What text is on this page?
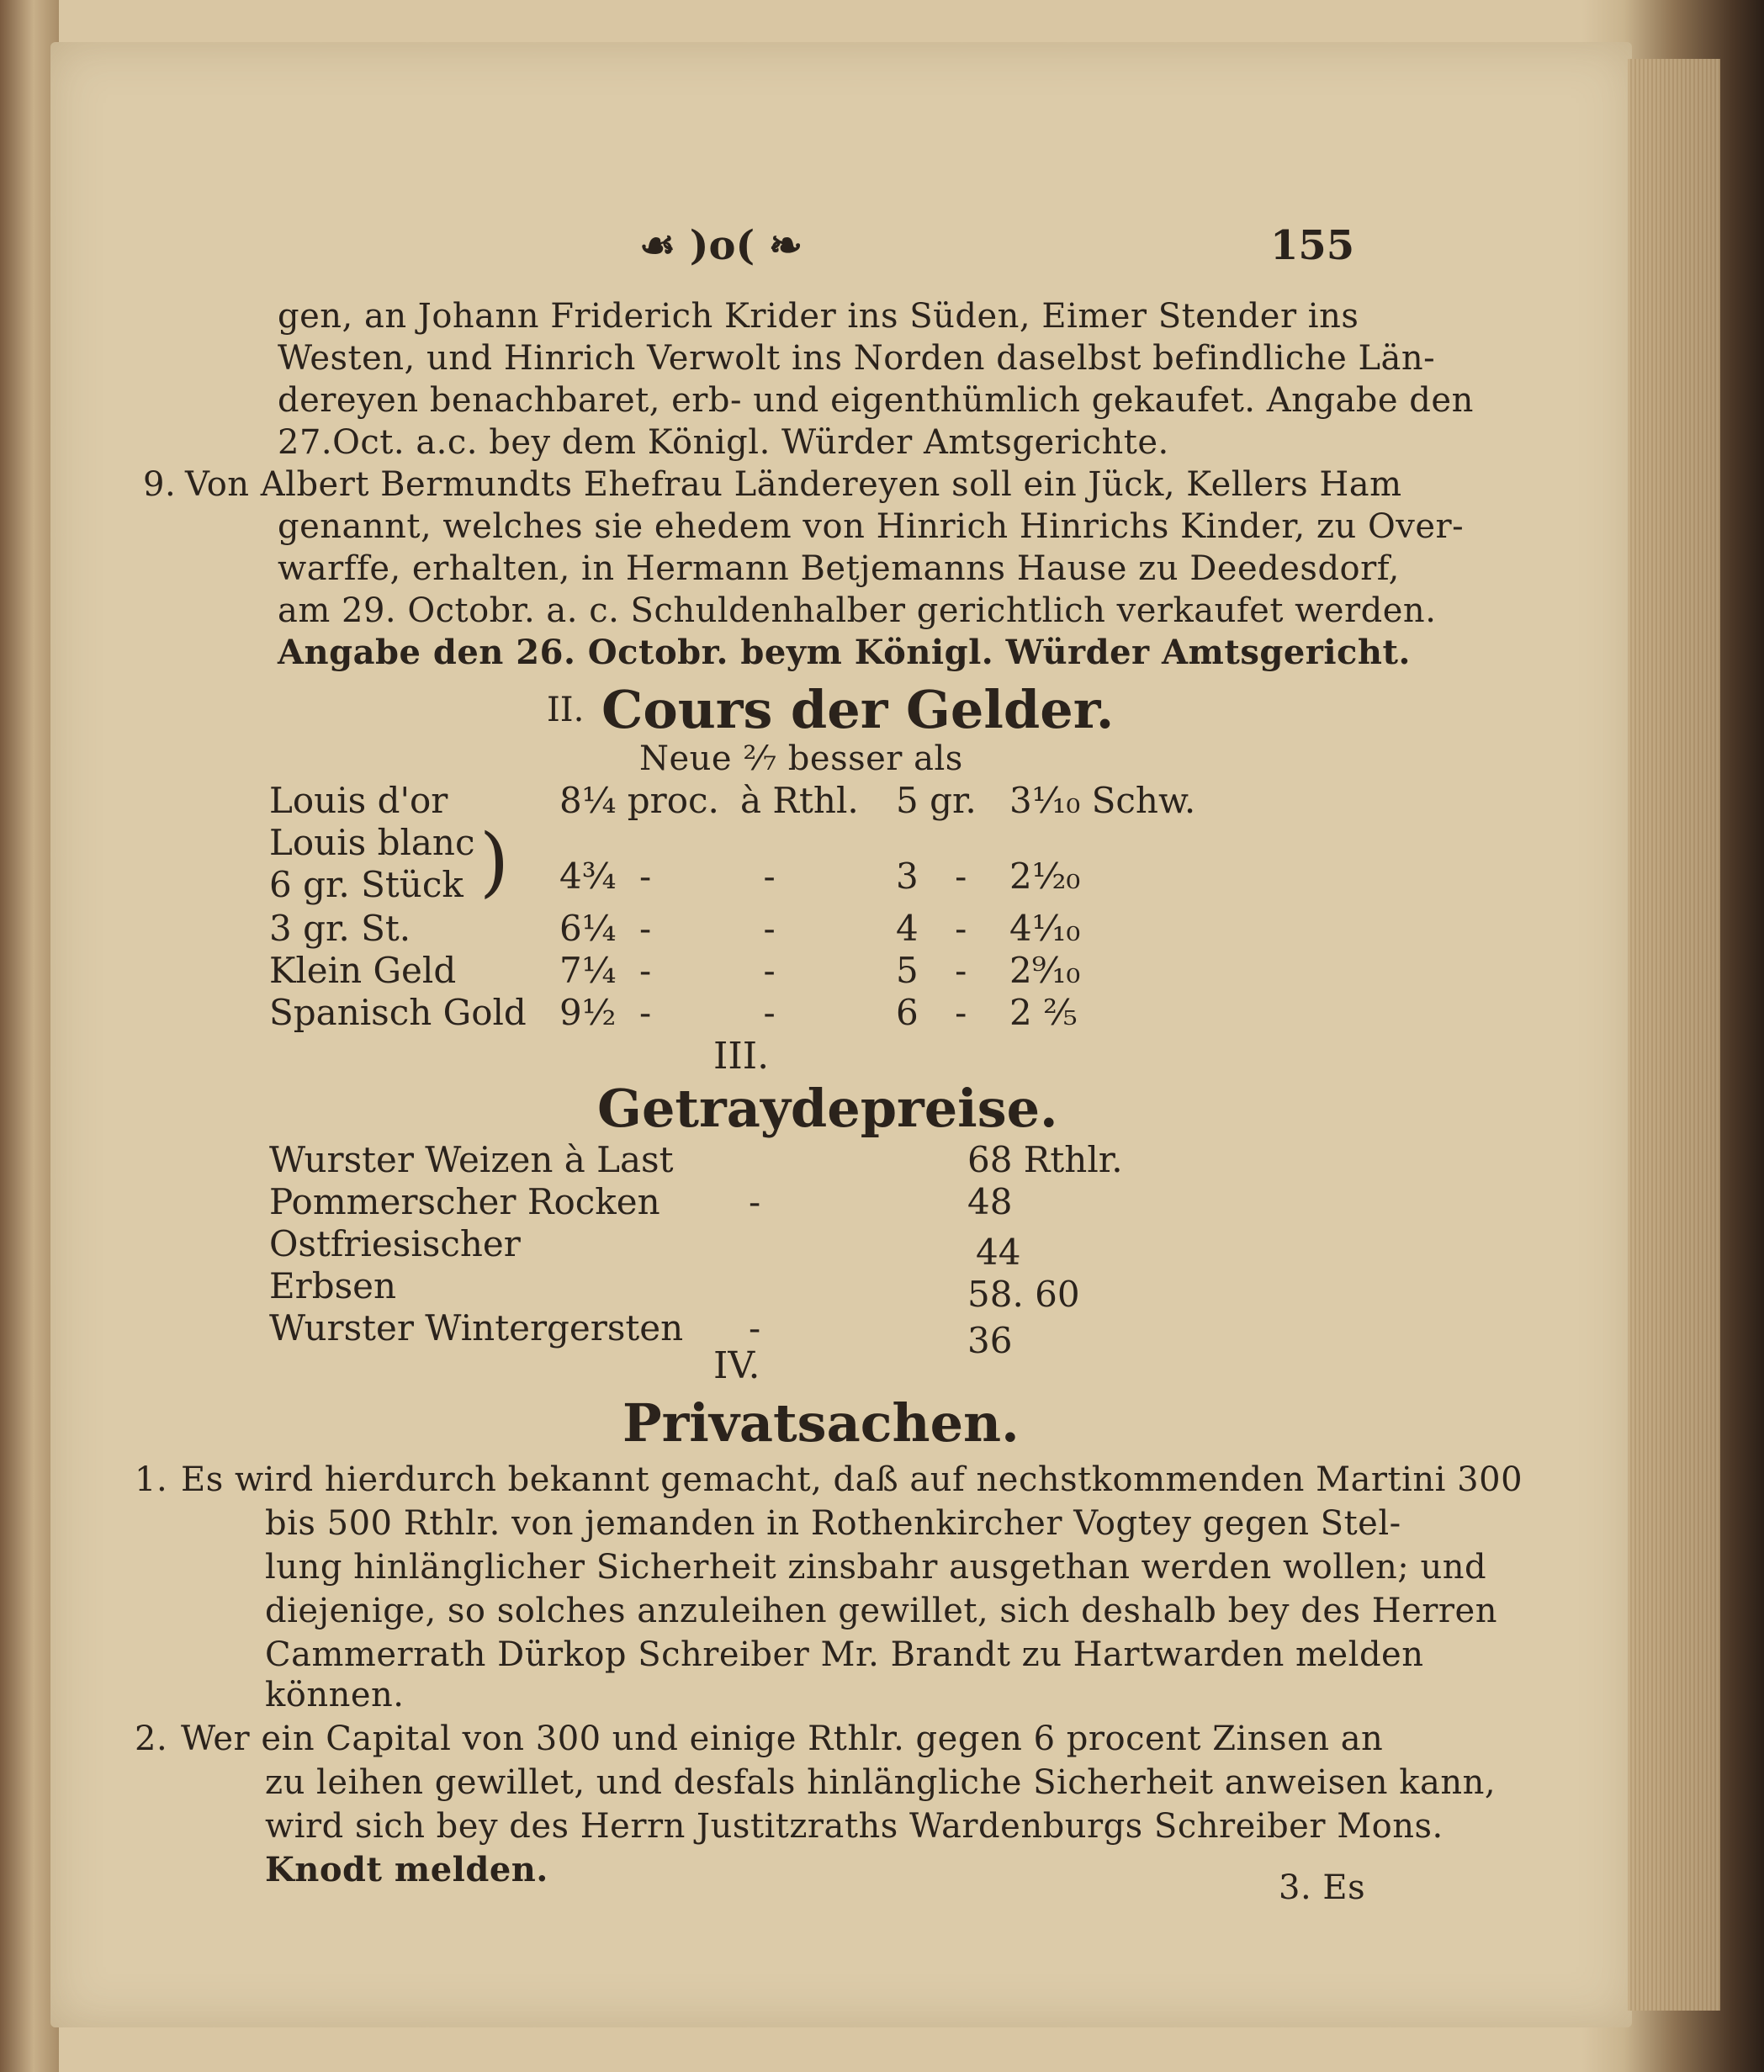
☙ )o( ❧	155
gen, an Johann Friderich Krider ins Süden, Eimer Stender ins
Westen, und Hinrich Verwolt ins Norden daselbst befindliche Län-
dereyen benachbaret, erb- und eigenthümlich gekaufet. Angabe den
27.Oct. a.c. bey dem Königl. Würder Amtsgerichte.
9. Von Albert Bermundts Ehefrau Ländereyen soll ein Jück, Kellers Ham
genannt, welches sie ehedem von Hinrich Hinrichs Kinder, zu Over-
warffe, erhalten, in Hermann Betjemanns Hause zu Deedesdorf,
am 29. Octobr. a. c. Schuldenhalber gerichtlich verkaufet werden.
Angabe den 26. Octobr. beym Königl. Würder Amtsgericht.
II. Cours der Gelder.
Neue ²⁄₇ besser als
Louis d'or	8¼ proc. à Rthl. 5 gr. 3¹⁄₁₀ Schw.
Louis blanc
6 gr. Stück ) 4¾ - -	3 - 2¹⁄₂₀
3 gr. St.	6¼ - -	4 - 4¹⁄₁₀
Klein Geld	7¼ - -	5 - 2⁹⁄₁₀
Spanisch Gold 9½ - -	6 - 2 ²⁄₅
III.
Getraydepreise.
Wurster Weizen à Last	68 Rthlr.
Pommerscher Rocken	-	48
Ostfriesischer	44
Erbsen	58. 60
Wurster Wintergersten -	36
IV.
Privatsachen.
1. Es wird hierdurch bekannt gemacht, daß auf nechstkommenden Martini 300
bis 500 Rthlr. von jemanden in Rothenkircher Vogtey gegen Stel-
lung hinlänglicher Sicherheit zinsbahr ausgethan werden wollen; und
diejenige, so solches anzuleihen gewillet, sich deshalb bey des Herren
Cammerrath Dürkop Schreiber Mr. Brandt zu Hartwarden melden
können.
2. Wer ein Capital von 300 und einige Rthlr. gegen 6 procent Zinsen an
zu leihen gewillet, und desfals hinlängliche Sicherheit anweisen kann,
wird sich bey des Herrn Justitzraths Wardenburgs Schreiber Mons.
Knodt melden.	3. Es
